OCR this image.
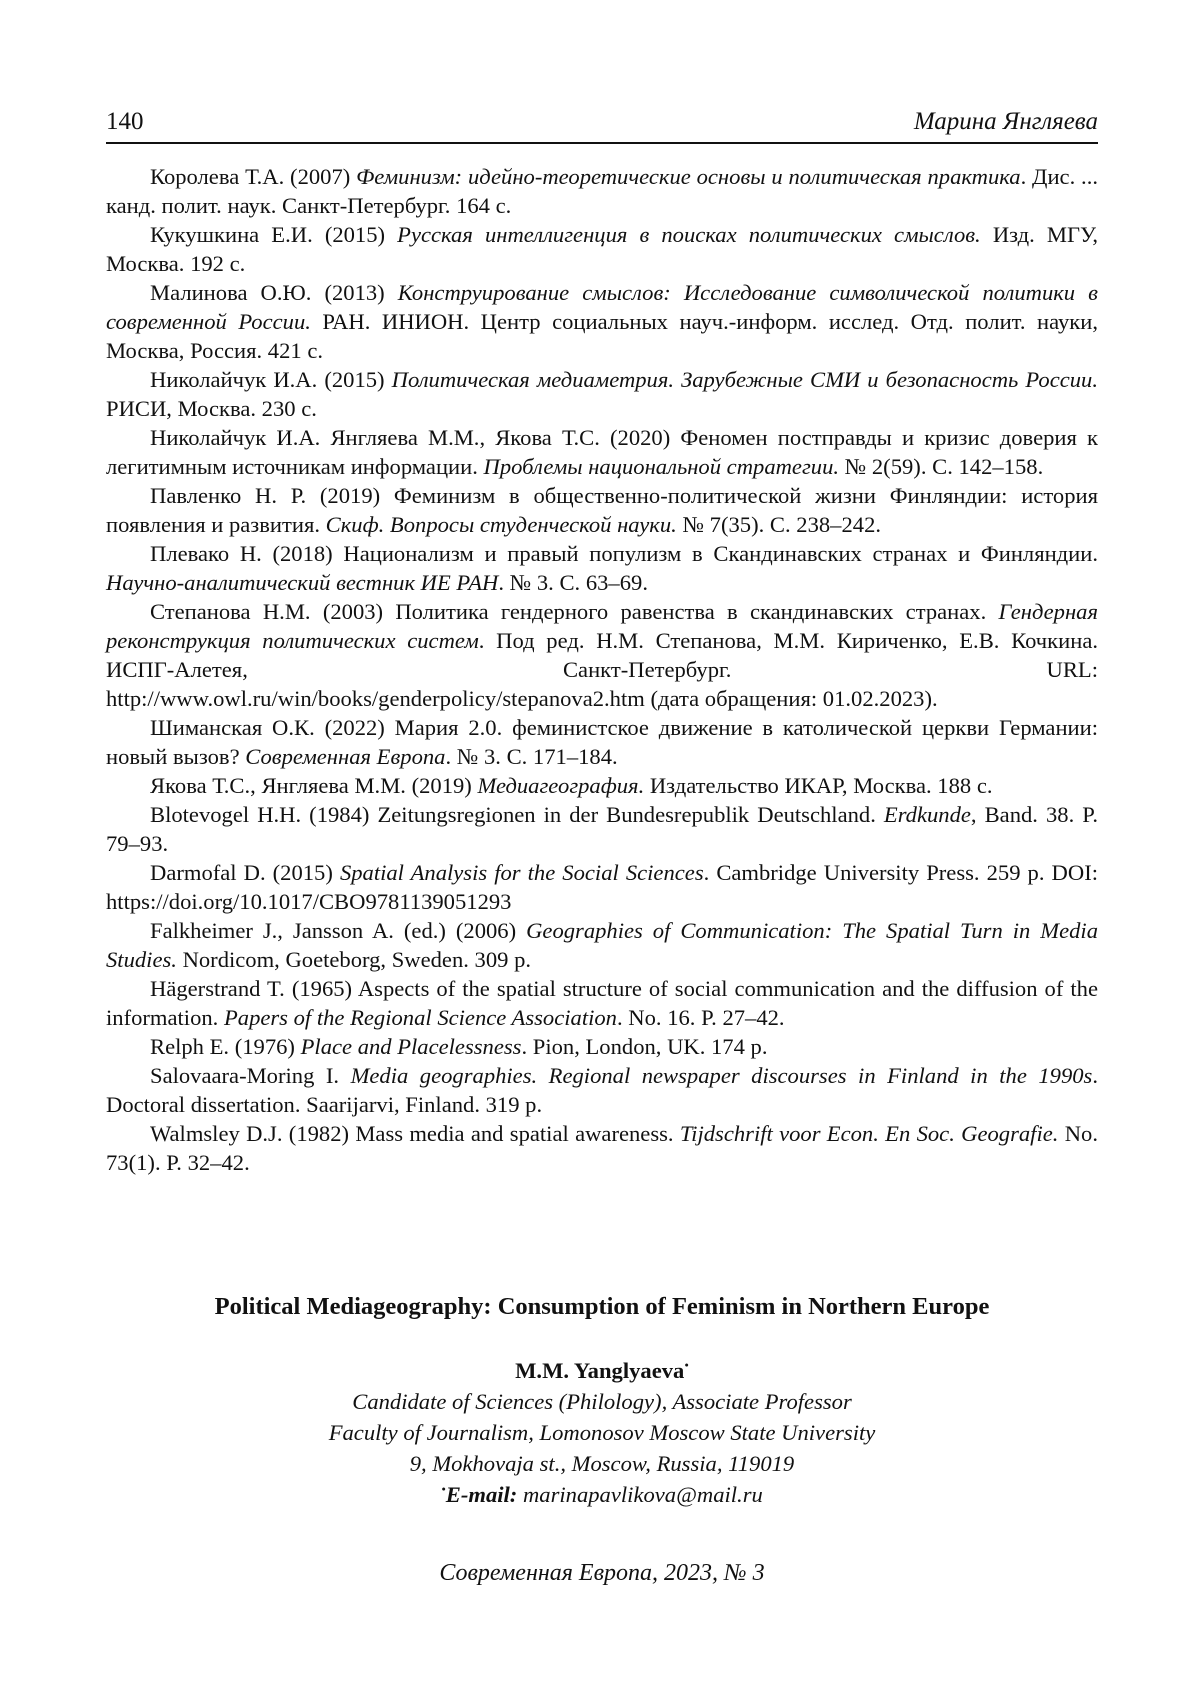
140	Марина Янгляева

Королева Т.А. (2007) Феминизм: идейно-теоретические основы и политическая практика. Дис. ... канд. полит. наук. Санкт-Петербург. 164 с.

Кукушкина Е.И. (2015) Русская интеллигенция в поисках политических смыслов. Изд. МГУ, Москва. 192 с.

Малинова О.Ю. (2013) Конструирование смыслов: Исследование символической политики в современной России. РАН. ИНИОН. Центр социальных науч.-информ. исслед. Отд. полит. науки, Москва, Россия. 421 с.

Николайчук И.А. (2015) Политическая медиаметрия. Зарубежные СМИ и безопасность России. РИСИ, Москва. 230 с.

Николайчук И.А. Янгляева М.М., Якова Т.С. (2020) Феномен постправды и кризис доверия к легитимным источникам информации. Проблемы национальной стратегии. № 2(59). С. 142–158.

Павленко Н. Р. (2019) Феминизм в общественно-политической жизни Финляндии: история появления и развития. Скиф. Вопросы студенческой науки. № 7(35). С. 238–242.

Плевако Н. (2018) Национализм и правый популизм в Скандинавских странах и Финляндии. Научно-аналитический вестник ИЕ РАН. № 3. С. 63–69.

Степанова Н.М. (2003) Политика гендерного равенства в скандинавских странах. Гендерная реконструкция политических систем. Под ред. Н.М. Степанова, М.М. Кириченко, Е.В. Кочкина. ИСПГ-Алетея, Санкт-Петербург. URL:

http://www.owl.ru/win/books/genderpolicy/stepanova2.htm (дата обращения: 01.02.2023).

Шиманская О.К. (2022) Мария 2.0. феминистское движение в католической церкви Германии: новый вызов? Современная Европа. № 3. С. 171–184.

Якова Т.С., Янгляева М.М. (2019) Медиагеография. Издательство ИКАР, Москва. 188 с.

Blotevogel H.H. (1984) Zeitungsregionen in der Bundesrepublik Deutschland. Erdkunde, Band. 38. P. 79–93.

Darmofal D. (2015) Spatial Analysis for the Social Sciences. Cambridge University Press. 259 p. DOI: https://doi.org/10.1017/CBO9781139051293

Falkheimer J., Jansson A. (ed.) (2006) Geographies of Communication: The Spatial Turn in Media Studies. Nordicom, Goeteborg, Sweden. 309 p.

Hägerstrand T. (1965) Aspects of the spatial structure of social communication and the diffusion of the information. Papers of the Regional Science Association. No. 16. P. 27–42.

Relph E. (1976) Place and Placelessness. Pion, London, UK. 174 p.

Salovaara-Moring I. Media geographies. Regional newspaper discourses in Finland in the 1990s. Doctoral dissertation. Saarijarvi, Finland. 319 p.

Walmsley D.J. (1982) Mass media and spatial awareness. Tijdschrift voor Econ. En Soc. Geografie. No. 73(1). P. 32–42.

Political Mediageography: Consumption of Feminism in Northern Europe
M.M. Yanglyaeva•
Candidate of Sciences (Philology), Associate Professor
Faculty of Journalism, Lomonosov Moscow State University
9, Mokhovaja st., Moscow, Russia, 119019
•E-mail: marinapavlikova@mail.ru
Современная Европа, 2023, № 3
